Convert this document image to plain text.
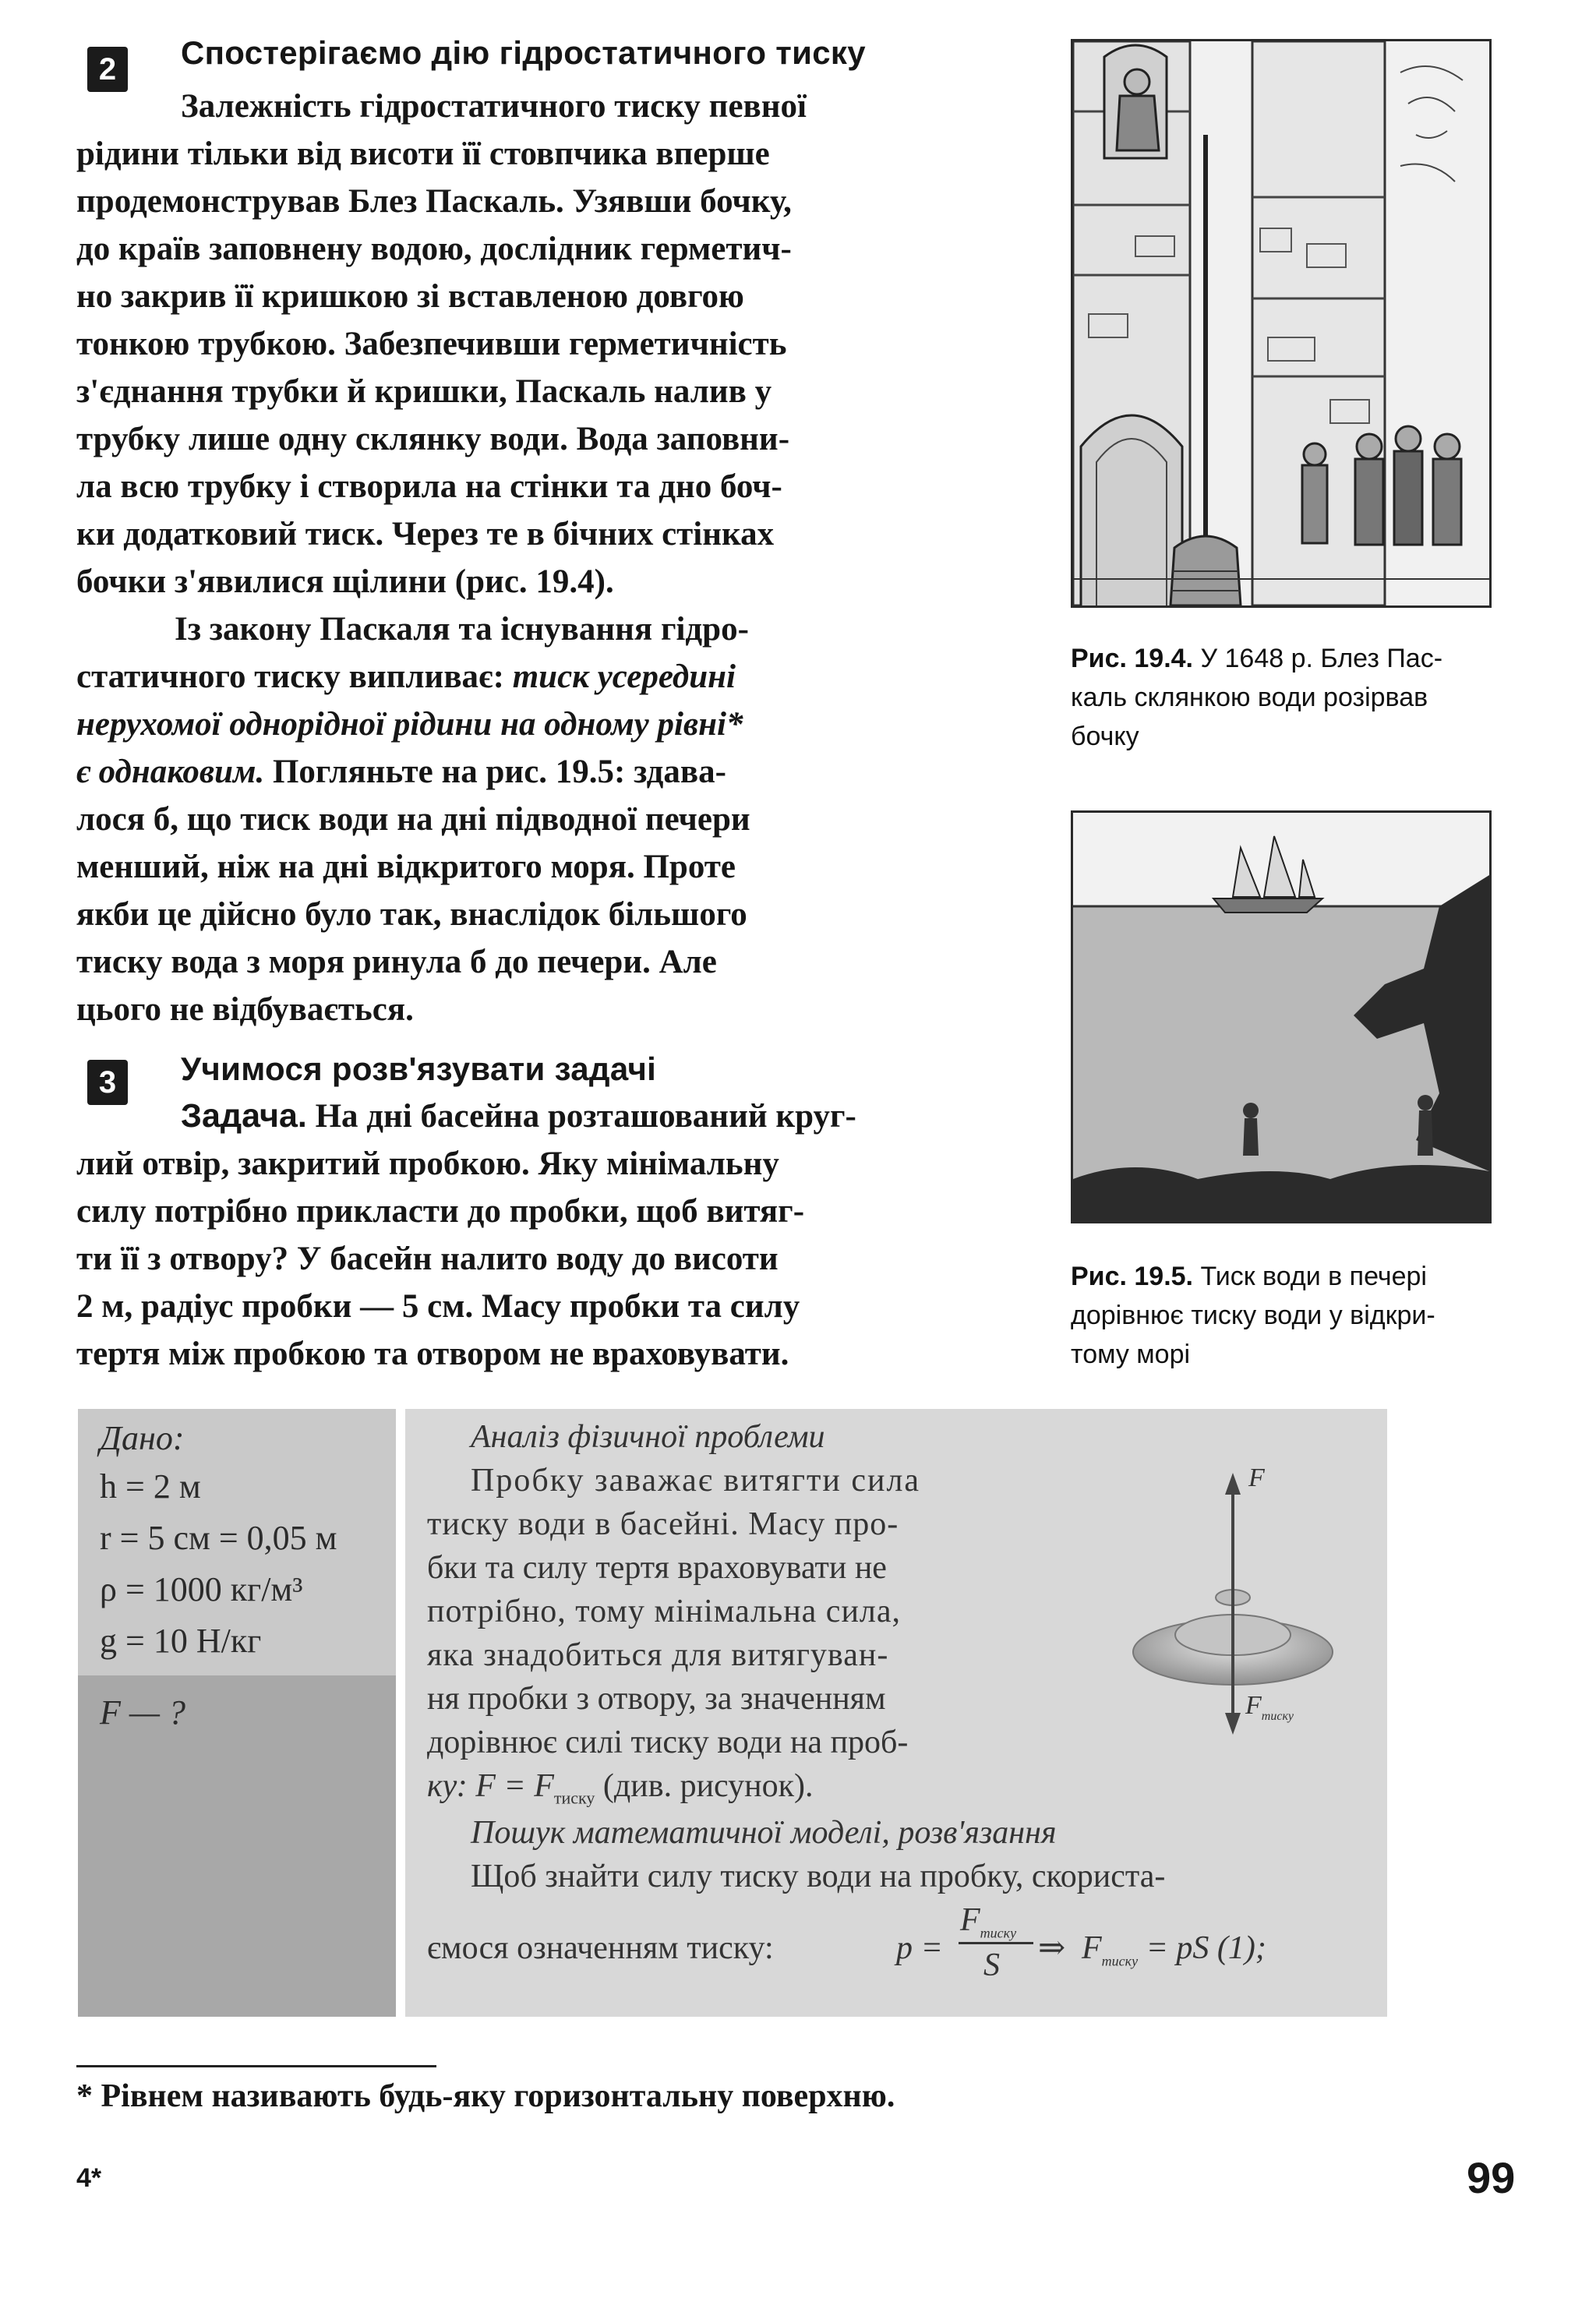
2	Спостерігаємо дію гідростатичного тиску
Залежність гідростатичного тиску певної
рідини тільки від висоти її стовпчика вперше
продемонстрував Блез Паскаль. Узявши бочку,
до країв заповнену водою, дослідник герметич-
но закрив її кришкою зі вставленою довгою
тонкою трубкою. Забезпечивши герметичність
з'єднання трубки й кришки, Паскаль налив у
трубку лише одну склянку води. Вода заповни-
ла всю трубку і створила на стінки та дно боч-
ки додатковий тиск. Через те в бічних стінках
бочки з'явилися щілини (рис. 19.4).
Із закону Паскаля та існування гідро-
статичного тиску випливає: тиск усередині
нерухомої однорідної рідини на одному рівні*
є однаковим. Погляньте на рис. 19.5: здава-
лося б, що тиск води на дні підводної печери
менший, ніж на дні відкритого моря. Проте
якби це дійсно було так, внаслідок більшого
тиску вода з моря ринула б до печери. Але
цього не відбувається.
3	Учимося розв'язувати задачі
Задача. На дні басейна розташований круг-
лий отвір, закритий пробкою. Яку мінімальну
силу потрібно прикласти до пробки, щоб витяг-
ти її з отвору? У басейн налито воду до висоти
2 м, радіус пробки — 5 см. Масу пробки та силу
тертя між пробкою та отвором не враховувати.
Рис. 19.4. У 1648 р. Блез Пас-
каль склянкою води розірвав
бочку
Рис. 19.5. Тиск води в печері
дорівнює тиску води у відкри-
тому морі
Дано:
h = 2 м
r = 5 см = 0,05 м
ρ = 1000 кг/м³
g = 10 Н/кг
F — ?
Аналіз фізичної проблеми
Пробку заважає витягти сила
тиску води в басейні. Масу про-
бки та силу тертя враховувати не
потрібно, тому мінімальна сила,
яка знадобиться для витягуван-
ня пробки з отвору, за значенням
дорівнює силі тиску води на проб-
ку: $F = F_{тиску}$ (див. рисунок).
Пошук математичної моделі, розв'язання
Щоб знайти силу тиску води на пробку, скориста-
ємося означенням тиску:	p =
$F_{тиску}$
S ⇒ $F_{тиску}$ = pS (1);
F
$F_{тиску}$
* Рівнем називають будь-яку горизонтальну поверхню.
4*	99
